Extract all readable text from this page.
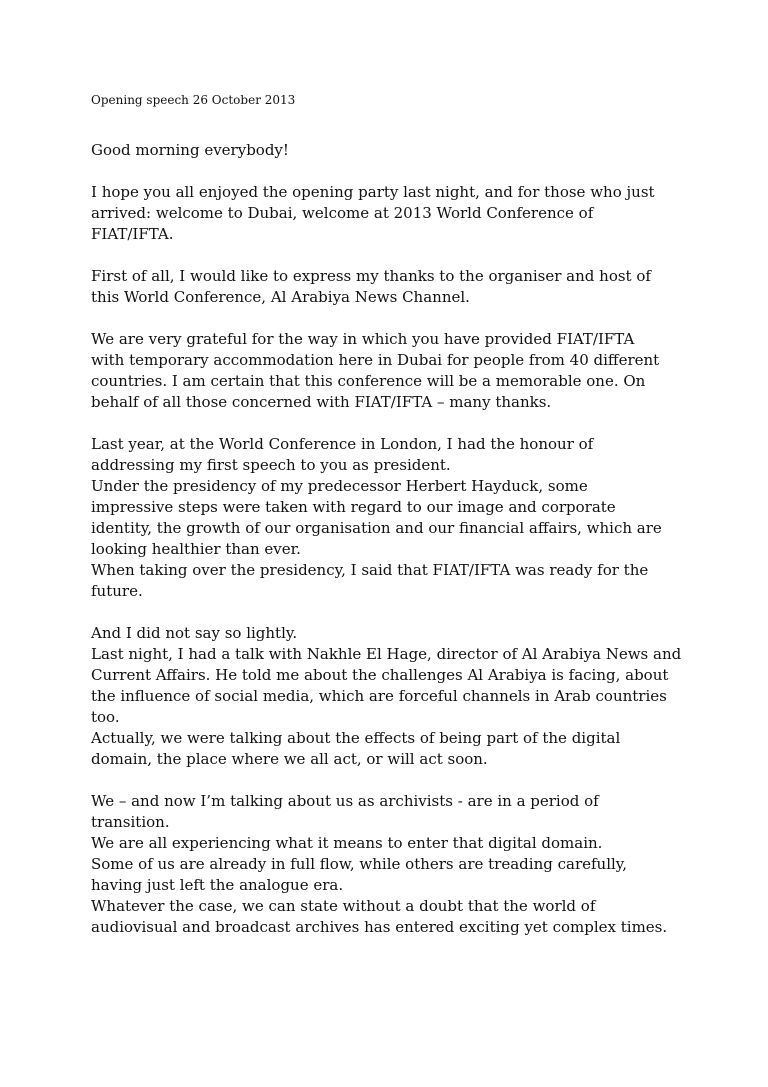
Opening speech 26 October 2013
Good morning everybody!
I hope you all enjoyed the opening party last night, and for those who just
arrived: welcome to Dubai, welcome at 2013 World Conference of
FIAT/IFTA.
First of all, I would like to express my thanks to the organiser and host of
this World Conference, Al Arabiya News Channel.
We are very grateful for the way in which you have provided FIAT/IFTA
with temporary accommodation here in Dubai for people from 40 different
countries. I am certain that this conference will be a memorable one. On
behalf of all those concerned with FIAT/IFTA – many thanks.
Last year, at the World Conference in London, I had the honour of
addressing my first speech to you as president.
Under the presidency of my predecessor Herbert Hayduck, some
impressive steps were taken with regard to our image and corporate
identity, the growth of our organisation and our financial affairs, which are
looking healthier than ever.
When taking over the presidency, I said that FIAT/IFTA was ready for the
future.
And I did not say so lightly.
Last night, I had a talk with Nakhle El Hage, director of Al Arabiya News and
Current Affairs. He told me about the challenges Al Arabiya is facing, about
the influence of social media, which are forceful channels in Arab countries
too.
Actually, we were talking about the effects of being part of the digital
domain, the place where we all act, or will act soon.
We – and now I’m talking about us as archivists - are in a period of
transition.
We are all experiencing what it means to enter that digital domain.
Some of us are already in full flow, while others are treading carefully,
having just left the analogue era.
Whatever the case, we can state without a doubt that the world of
audiovisual and broadcast archives has entered exciting yet complex times.
